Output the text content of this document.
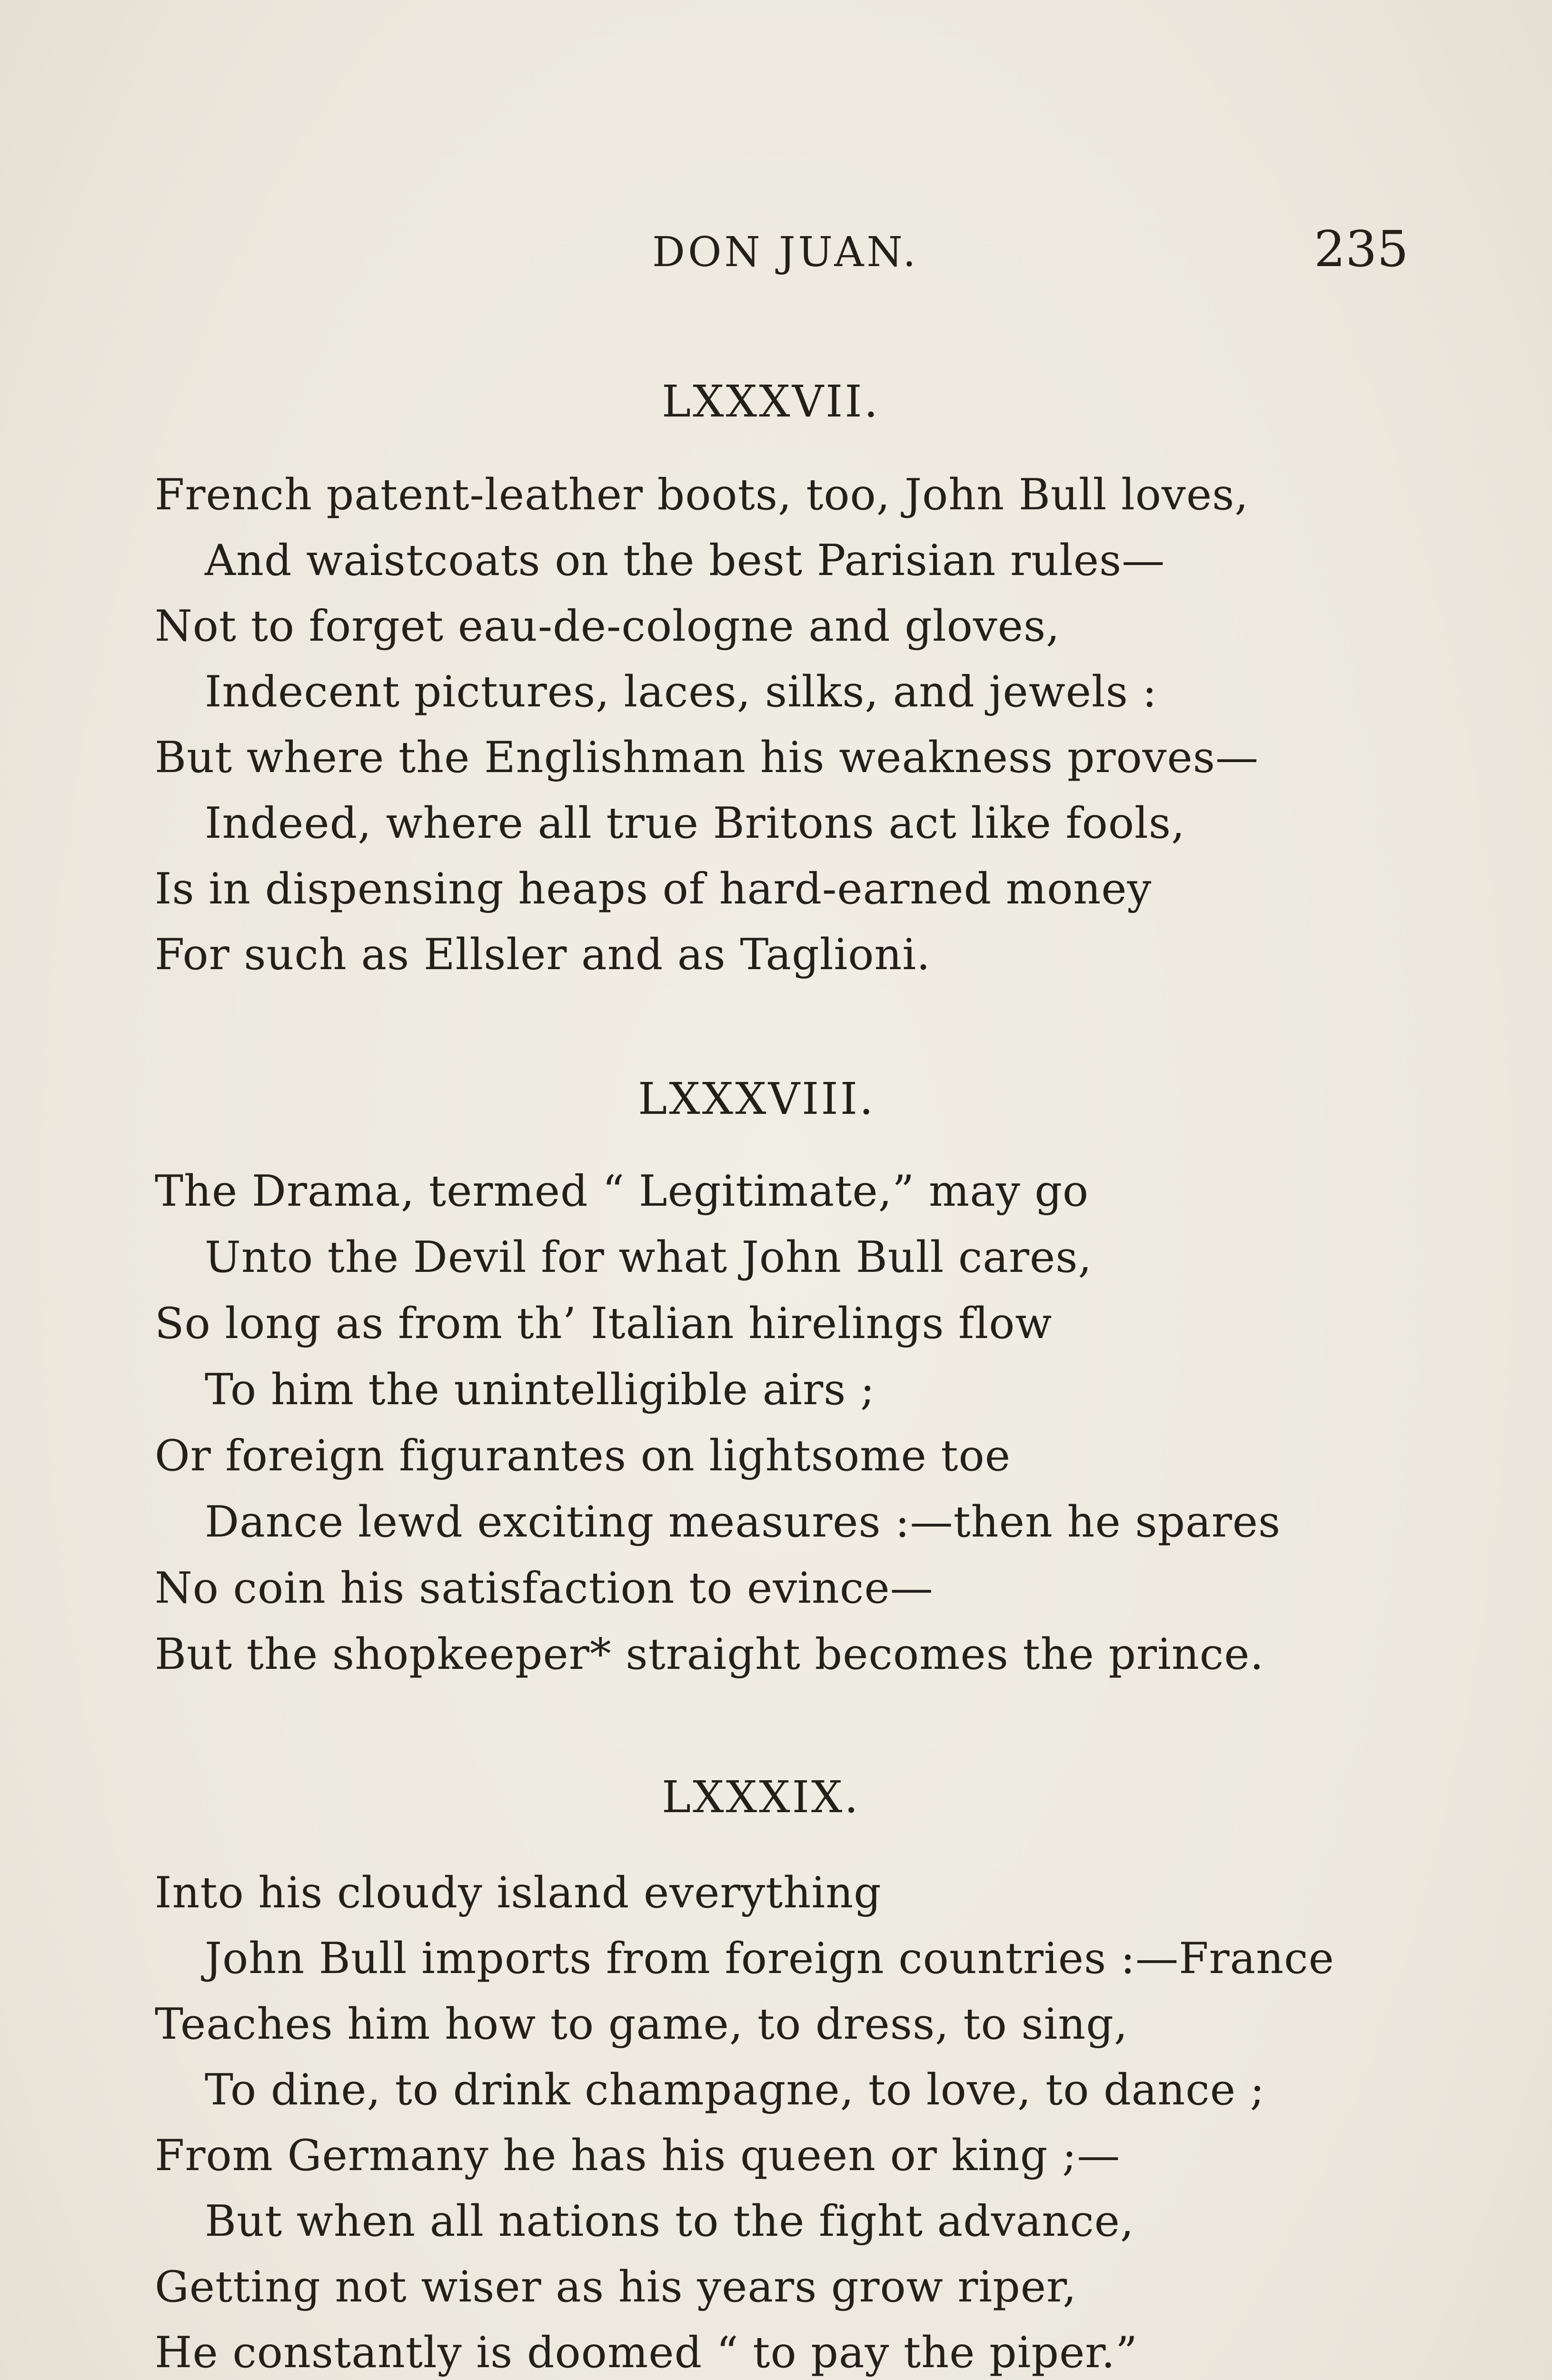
DON JUAN.	235
LXXXVII.
French patent-leather boots, too, John Bull loves,
And waistcoats on the best Parisian rules—
Not to forget eau-de-cologne and gloves,
Indecent pictures, laces, silks, and jewels :
But where the Englishman his weakness proves—
Indeed, where all true Britons act like fools,
Is in dispensing heaps of hard-earned money
For such as Ellsler and as Taglioni.
LXXXVIII.
The Drama, termed “ Legitimate,” may go
Unto the Devil for what John Bull cares,
So long as from th’ Italian hirelings flow
To him the unintelligible airs ;
Or foreign figurantes on lightsome toe
Dance lewd exciting measures :—then he spares
No coin his satisfaction to evince—
But the shopkeeper* straight becomes the prince.
LXXXIX.
Into his cloudy island everything
John Bull imports from foreign countries :—France
Teaches him how to game, to dress, to sing,
To dine, to drink champagne, to love, to dance ;
From Germany he has his queen or king ;—
But when all nations to the fight advance,
Getting not wiser as his years grow riper,
He constantly is doomed “ to pay the piper.”
